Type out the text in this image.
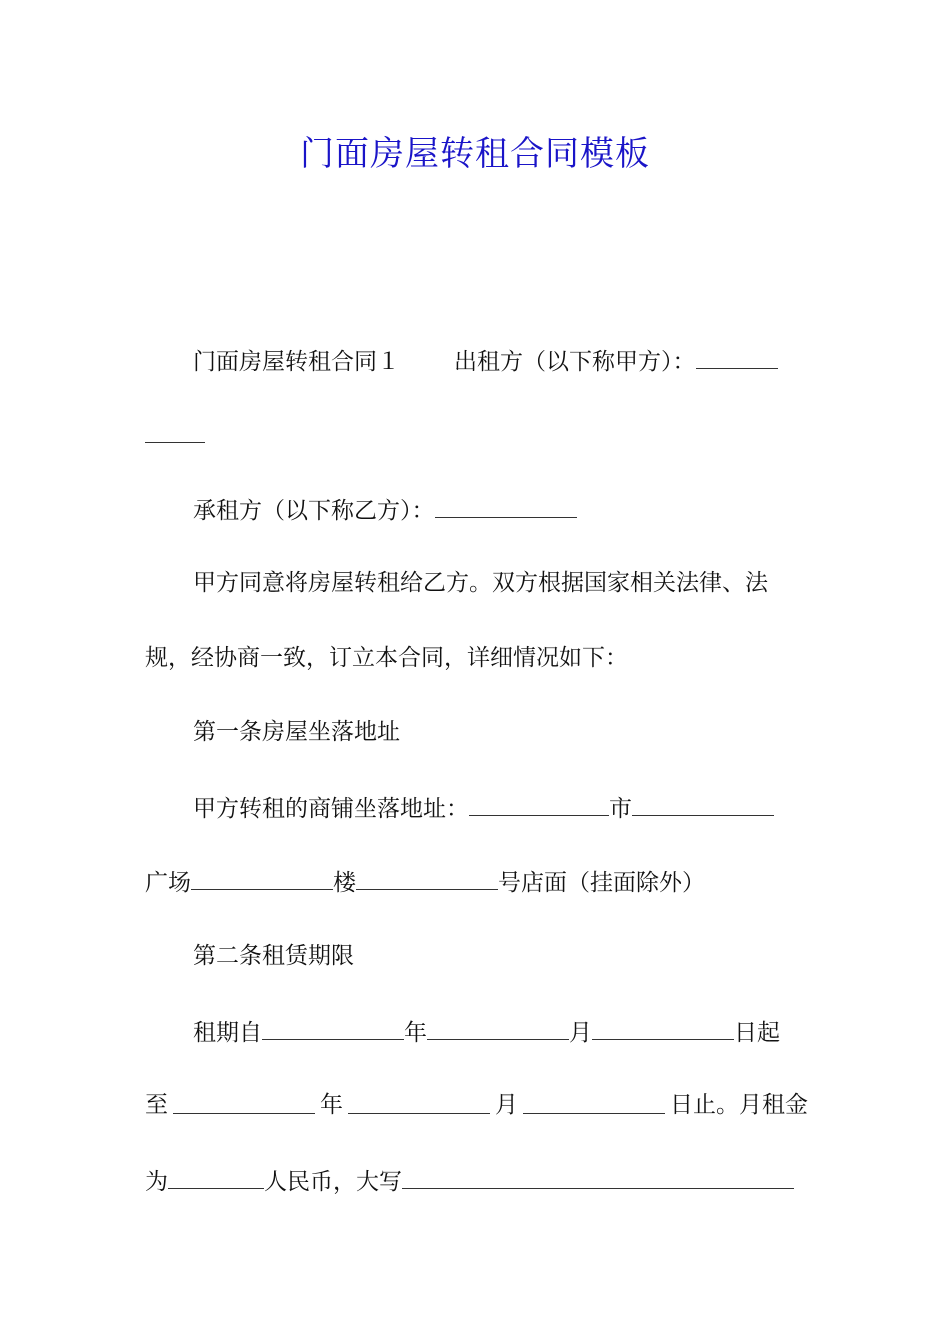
门面房屋转租合同模板
门面房屋转租合同１ 出租方（以下称甲方）：
承租方（以下称乙方）：
甲方同意将房屋转租给乙方。双方根据国家相关法律、法
规，经协商一致，订立本合同，详细情况如下：
第一条房屋坐落地址
甲方转租的商铺坐落地址：	市
广场	楼	号店面（挂面除外）
第二条租赁期限
租期自	年	月	日起
至	年	月	日止。月租金
为	人民币，大写
